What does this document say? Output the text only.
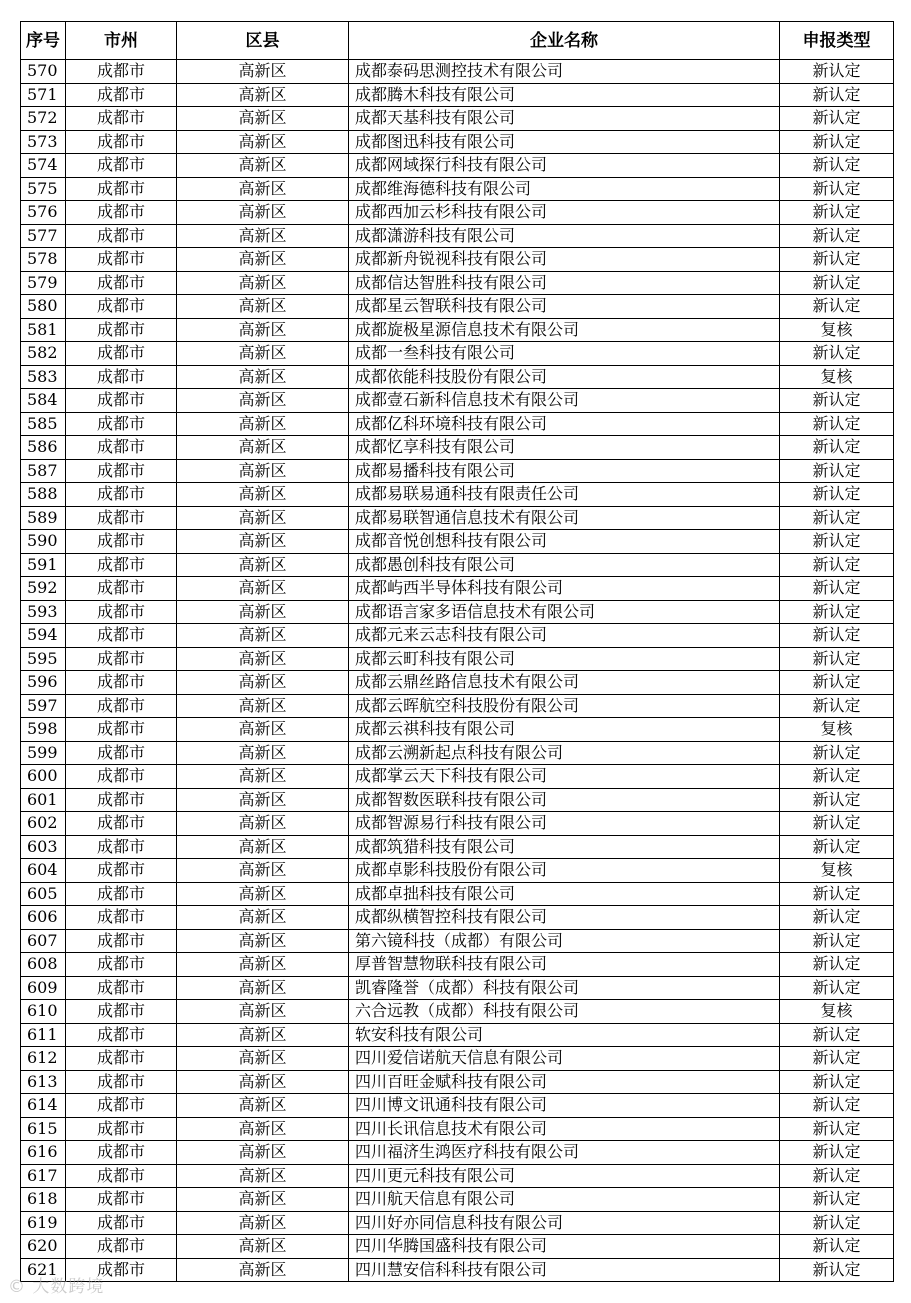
序号	市州	区县	企业名称	申报类型
570	成都市	高新区	成都泰码思测控技术有限公司	新认定
571	成都市	高新区	成都腾木科技有限公司	新认定
572	成都市	高新区	成都天基科技有限公司	新认定
573	成都市	高新区	成都图迅科技有限公司	新认定
574	成都市	高新区	成都网域探行科技有限公司	新认定
575	成都市	高新区	成都维海德科技有限公司	新认定
576	成都市	高新区	成都西加云杉科技有限公司	新认定
577	成都市	高新区	成都潇游科技有限公司	新认定
578	成都市	高新区	成都新舟锐视科技有限公司	新认定
579	成都市	高新区	成都信达智胜科技有限公司	新认定
580	成都市	高新区	成都星云智联科技有限公司	新认定
581	成都市	高新区	成都旋极星源信息技术有限公司	复核
582	成都市	高新区	成都一叁科技有限公司	新认定
583	成都市	高新区	成都依能科技股份有限公司	复核
584	成都市	高新区	成都壹石新科信息技术有限公司	新认定
585	成都市	高新区	成都亿科环境科技有限公司	新认定
586	成都市	高新区	成都忆享科技有限公司	新认定
587	成都市	高新区	成都易播科技有限公司	新认定
588	成都市	高新区	成都易联易通科技有限责任公司	新认定
589	成都市	高新区	成都易联智通信息技术有限公司	新认定
590	成都市	高新区	成都音悦创想科技有限公司	新认定
591	成都市	高新区	成都愚创科技有限公司	新认定
592	成都市	高新区	成都屿西半导体科技有限公司	新认定
593	成都市	高新区	成都语言家多语信息技术有限公司	新认定
594	成都市	高新区	成都元来云志科技有限公司	新认定
595	成都市	高新区	成都云町科技有限公司	新认定
596	成都市	高新区	成都云鼎丝路信息技术有限公司	新认定
597	成都市	高新区	成都云晖航空科技股份有限公司	新认定
598	成都市	高新区	成都云祺科技有限公司	复核
599	成都市	高新区	成都云溯新起点科技有限公司	新认定
600	成都市	高新区	成都掌云天下科技有限公司	新认定
601	成都市	高新区	成都智数医联科技有限公司	新认定
602	成都市	高新区	成都智源易行科技有限公司	新认定
603	成都市	高新区	成都筑猎科技有限公司	新认定
604	成都市	高新区	成都卓影科技股份有限公司	复核
605	成都市	高新区	成都卓拙科技有限公司	新认定
606	成都市	高新区	成都纵横智控科技有限公司	新认定
607	成都市	高新区	第六镜科技（成都）有限公司	新认定
608	成都市	高新区	厚普智慧物联科技有限公司	新认定
609	成都市	高新区	凯睿隆誉（成都）科技有限公司	新认定
610	成都市	高新区	六合远教（成都）科技有限公司	复核
611	成都市	高新区	软安科技有限公司	新认定
612	成都市	高新区	四川爱信诺航天信息有限公司	新认定
613	成都市	高新区	四川百旺金赋科技有限公司	新认定
614	成都市	高新区	四川博文讯通科技有限公司	新认定
615	成都市	高新区	四川长讯信息技术有限公司	新认定
616	成都市	高新区	四川福济生鸿医疗科技有限公司	新认定
617	成都市	高新区	四川更元科技有限公司	新认定
618	成都市	高新区	四川航天信息有限公司	新认定
619	成都市	高新区	四川好亦同信息科技有限公司	新认定
620	成都市	高新区	四川华腾国盛科技有限公司	新认定
621	成都市	高新区	四川慧安信科科技有限公司	新认定
© 大数跨境
